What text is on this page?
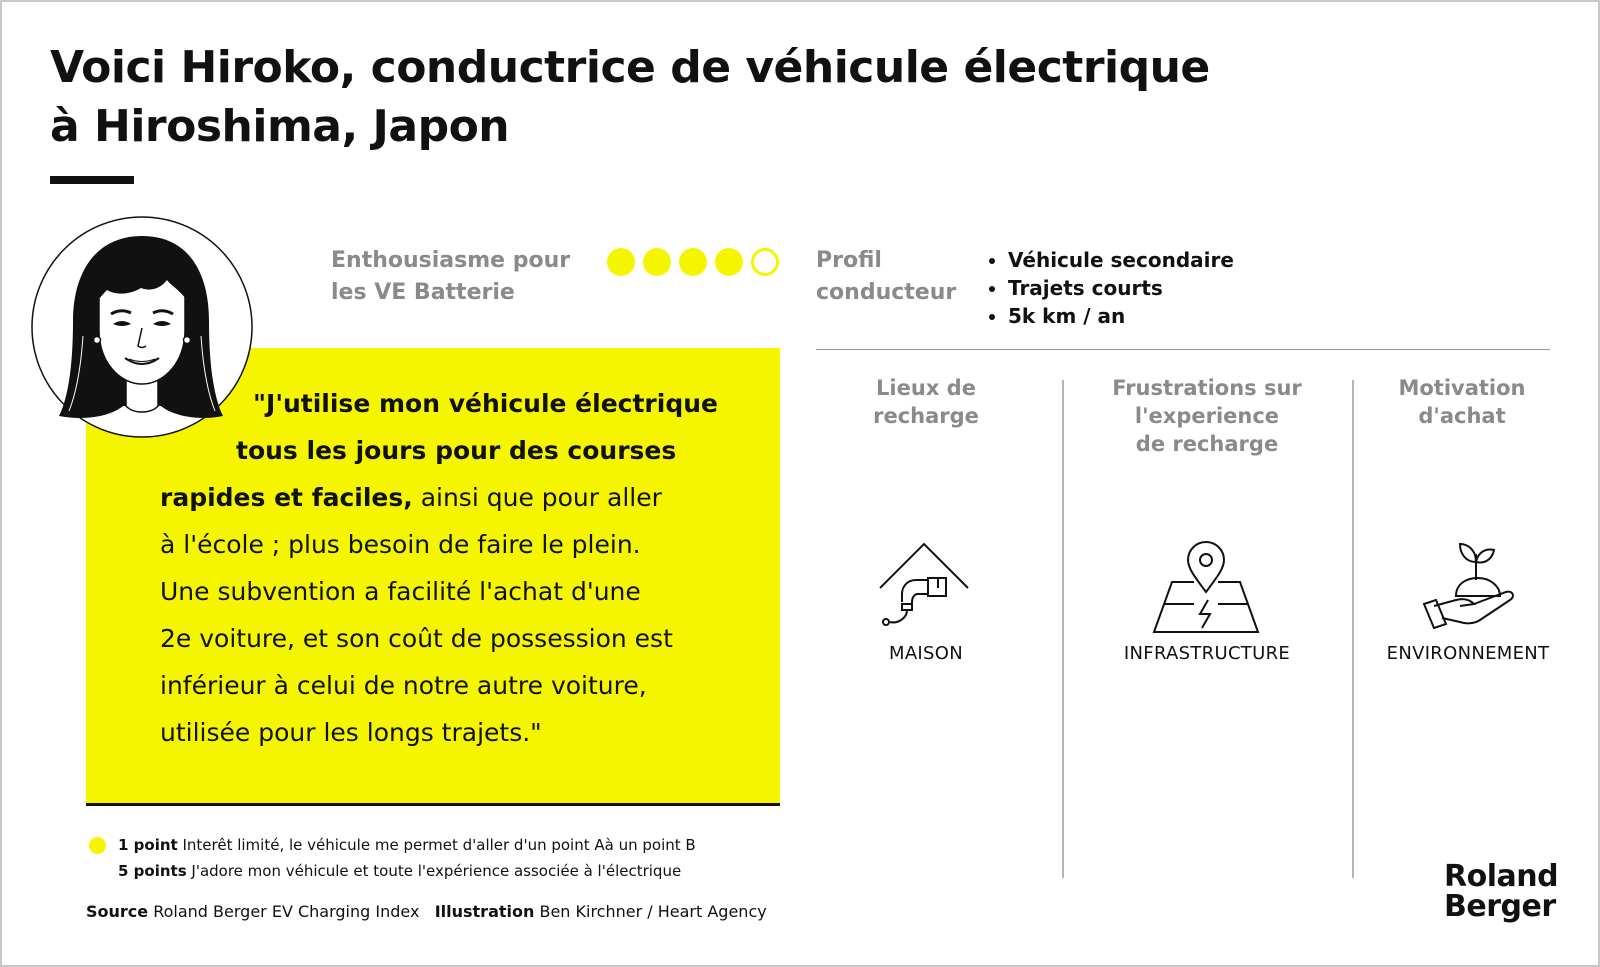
Voici Hiroko, conductrice de véhicule électrique
à Hiroshima, Japon

"J'utilise mon véhicule électrique
tous les jours pour des courses
rapides et faciles, ainsi que pour aller
à l'école ; plus besoin de faire le plein.
Une subvention a facilité l'achat d'une
2e voiture, et son coût de possession est
inférieur à celui de notre autre voiture,
utilisée pour les longs trajets."

Enthousiasme pour
les VE Batterie
Profil
conducteur
• Véhicule secondaire
• Trajets courts
• 5k km / an
Lieux de
recharge
Frustrations sur
l'experience
de recharge
Motivation
d'achat
MAISON	INFRASTRUCTURE	ENVIRONNEMENT
1 point Interêt limité, le véhicule me permet d'aller d'un point Aà un point B
5 points J'adore mon véhicule et toute l'expérience associée à l'électrique
Source Roland Berger EV Charging Index Illustration Ben Kirchner / Heart Agency
Roland
Berger
